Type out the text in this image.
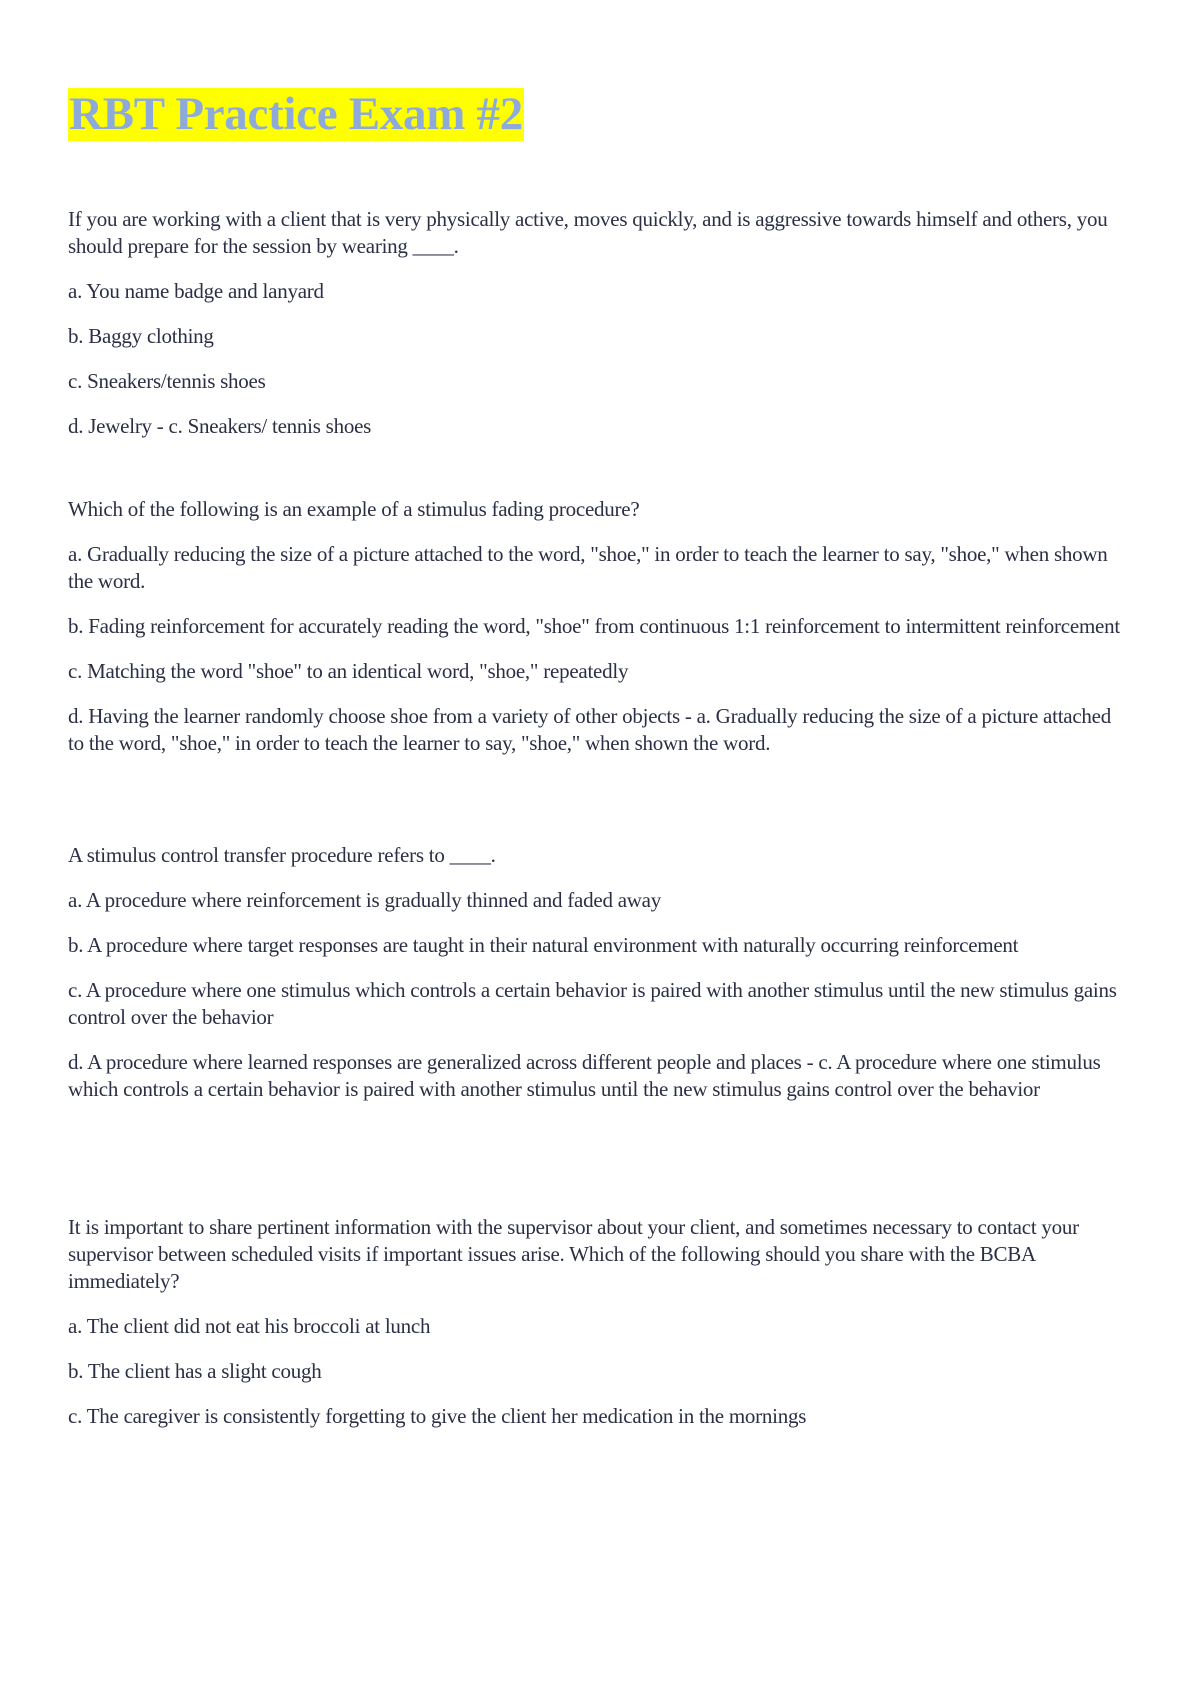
RBT Practice Exam #2

If you are working with a client that is very physically active, moves quickly, and is aggressive towards himself and others, you should prepare for the session by wearing ____.

a. You name badge and lanyard

b. Baggy clothing

c. Sneakers/tennis shoes

d. Jewelry - c. Sneakers/ tennis shoes

Which of the following is an example of a stimulus fading procedure?

a. Gradually reducing the size of a picture attached to the word, "shoe," in order to teach the learner to say, "shoe," when shown the word.

b. Fading reinforcement for accurately reading the word, "shoe" from continuous 1:1 reinforcement to intermittent reinforcement

c. Matching the word "shoe" to an identical word, "shoe," repeatedly

d. Having the learner randomly choose shoe from a variety of other objects - a. Gradually reducing the size of a picture attached to the word, "shoe," in order to teach the learner to say, "shoe," when shown the word.

A stimulus control transfer procedure refers to ____.

a. A procedure where reinforcement is gradually thinned and faded away

b. A procedure where target responses are taught in their natural environment with naturally occurring reinforcement

c. A procedure where one stimulus which controls a certain behavior is paired with another stimulus until the new stimulus gains control over the behavior

d. A procedure where learned responses are generalized across different people and places - c. A procedure where one stimulus which controls a certain behavior is paired with another stimulus until the new stimulus gains control over the behavior

It is important to share pertinent information with the supervisor about your client, and sometimes necessary to contact your supervisor between scheduled visits if important issues arise. Which of the following should you share with the BCBA immediately?

a. The client did not eat his broccoli at lunch

b. The client has a slight cough

c. The caregiver is consistently forgetting to give the client her medication in the mornings
